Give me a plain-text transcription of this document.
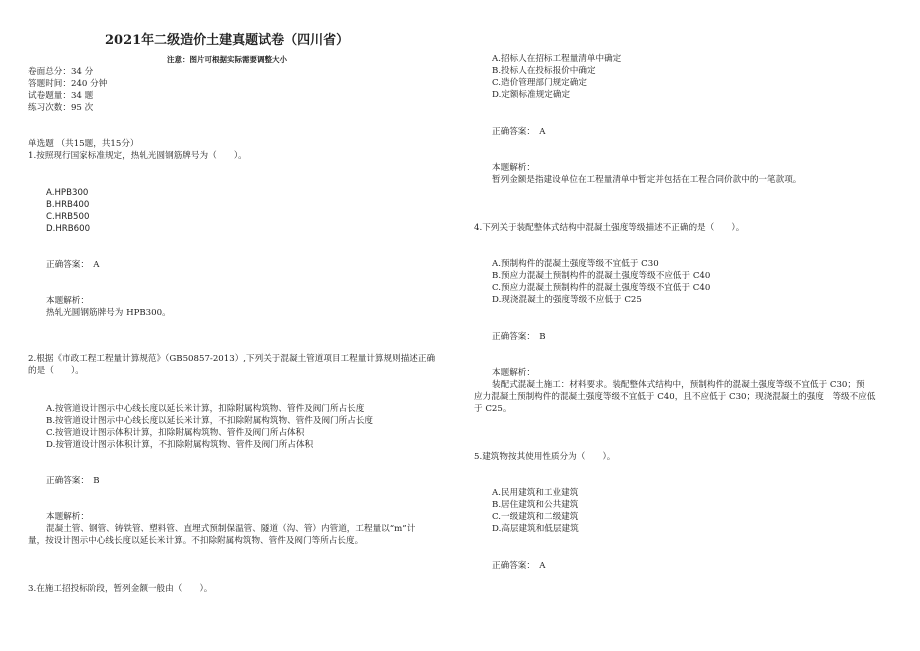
2021年二级造价土建真题试卷（四川省）
注意：图片可根据实际需要调整大小
卷面总分：34 分
答题时间：240 分钟
试卷题量：34 题
练习次数：95 次
单选题 （共15题，共15分）
1.按照现行国家标准规定，热轧光圆钢筋牌号为（　　）。
A.HPB300
B.HRB400
C.HRB500
D.HRB600
正确答案：　A
本题解析：
热轧光圆钢筋牌号为 HPB300。
2.根据《市政工程工程量计算规范》（GB50857-2013）,下列关于混凝土管道项目工程量计算规则描述正确
的是（　　）。
A.按管道设计图示中心线长度以延长米计算，扣除附属构筑物、管件及阀门所占长度
B.按管道设计图示中心线长度以延长米计算，不扣除附属构筑物、管件及阀门所占长度
C.按管道设计图示体积计算，扣除附属构筑物、管件及阀门所占体积
D.按管道设计图示体积计算，不扣除附属构筑物、管件及阀门所占体积
正确答案：　B
本题解析：
混凝土管、钢管、铸铁管、塑料管、直埋式预制保温管、隧道（沟、管）内管道，工程量以“m”计
量，按设计图示中心线长度以延长米计算。不扣除附属构筑物、管件及阀门等所占长度。
3.在施工招投标阶段，暂列金额一般由（　　）。
A.招标人在招标工程量清单中确定
B.投标人在投标报价中确定
C.造价管理部门规定确定
D.定额标准规定确定
正确答案：　A
本题解析：
暂列金额是指建设单位在工程量清单中暂定并包括在工程合同价款中的一笔款项。
4.下列关于装配整体式结构中混凝土强度等级描述不正确的是（　　）。
A.预制构件的混凝土强度等级不宜低于 C30
B.预应力混凝土预制构件的混凝土强度等级不应低于 C40
C.预应力混凝土预制构件的混凝土强度等级不宜低于 C40
D.现浇混凝土的强度等级不应低于 C25
正确答案：　B
本题解析：
装配式混凝土施工：材料要求。装配整体式结构中，预制构件的混凝土强度等级不宜低于 C30；预
应力混凝土预制构件的混凝土强度等级不宜低于 C40，且不应低于 C30；现浇混凝土的强度　等级不应低
于 C25。
5.建筑物按其使用性质分为（　　）。
A.民用建筑和工业建筑
B.居住建筑和公共建筑
C.一级建筑和二级建筑
D.高层建筑和低层建筑
正确答案：　A
